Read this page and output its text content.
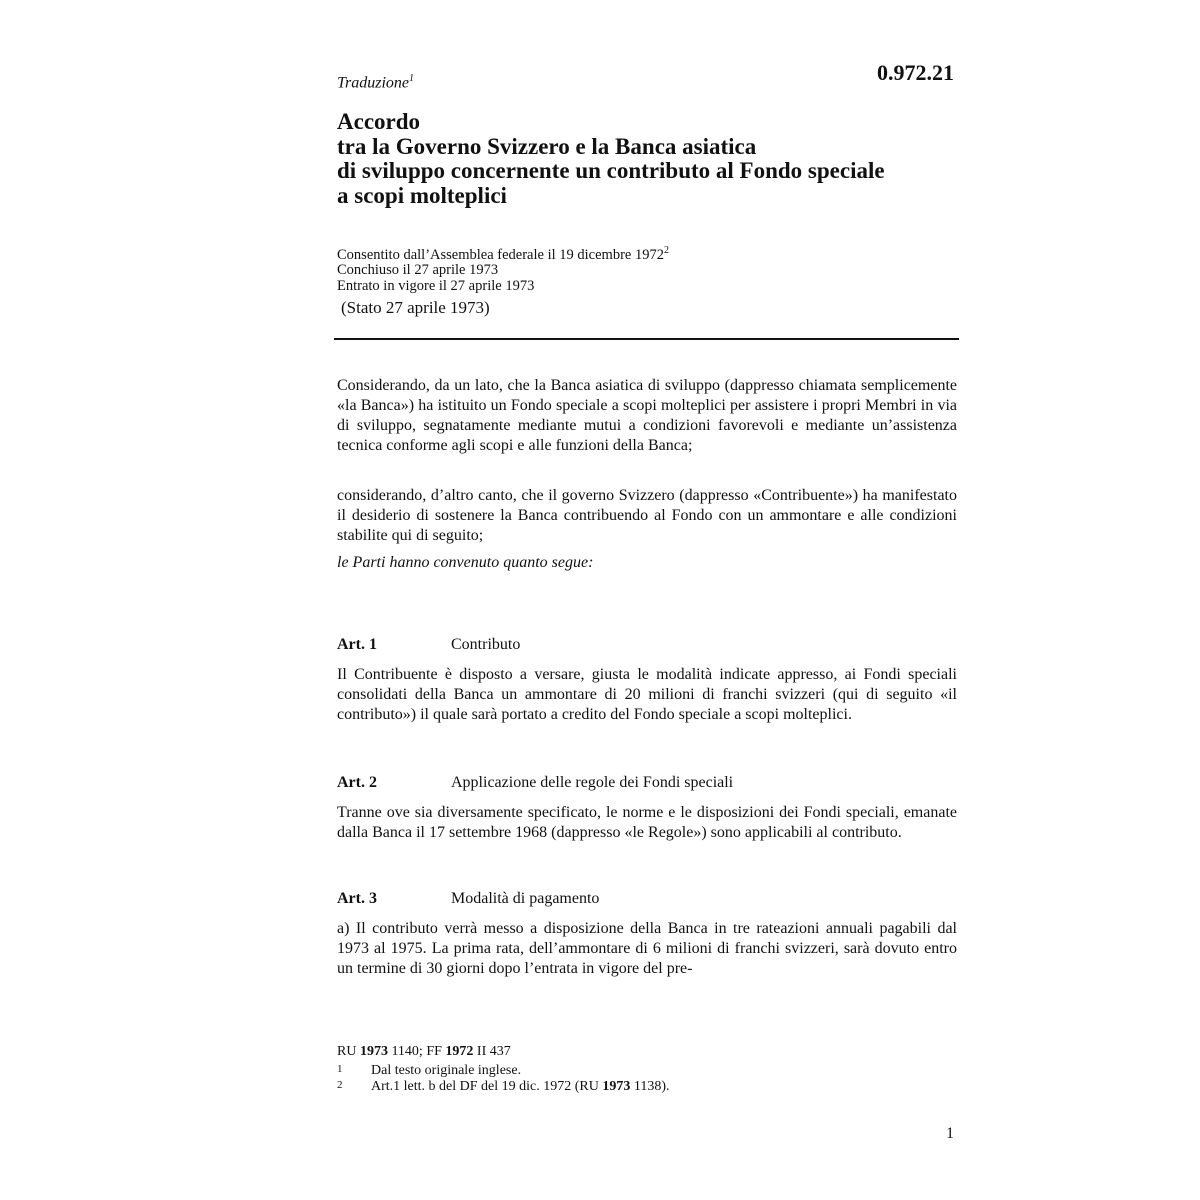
Traduzione$^1$	0.972.21
Accordo
tra la Governo Svizzero e la Banca asiatica
di sviluppo concernente un contributo al Fondo speciale
a scopi molteplici
Consentito dall’Assemblea federale il 19 dicembre 1972$^2$
Conchiuso il 27 aprile 1973
Entrato in vigore il 27 aprile 1973
(Stato 27 aprile 1973)

Considerando, da un lato, che la Banca asiatica di sviluppo (dappresso chiamata semplicemente «la Banca») ha istituito un Fondo speciale a scopi molteplici per assistere i propri Membri in via di sviluppo, segnatamente mediante mutui a condizioni favorevoli e mediante un’assistenza tecnica conforme agli scopi e alle funzioni della Banca;

considerando, d’altro canto, che il governo Svizzero (dappresso «Contribuente») ha manifestato il desiderio di sostenere la Banca contribuendo al Fondo con un ammontare e alle condizioni stabilite qui di seguito;

le Parti hanno convenuto quanto segue:

Art. 1	Contributo

Il Contribuente è disposto a versare, giusta le modalità indicate appresso, ai Fondi speciali consolidati della Banca un ammontare di 20 milioni di franchi svizzeri (qui di seguito «il contributo») il quale sarà portato a credito del Fondo speciale a scopi molteplici.

Art. 2	Applicazione delle regole dei Fondi speciali

Tranne ove sia diversamente specificato, le norme e le disposizioni dei Fondi speciali, emanate dalla Banca il 17 settembre 1968 (dappresso «le Regole») sono applicabili al contributo.

Art. 3	Modalità di pagamento

a) Il contributo verrà messo a disposizione della Banca in tre rateazioni annuali pagabili dal 1973 al 1975. La prima rata, dell’ammontare di 6 milioni di franchi svizzeri, sarà dovuto entro un termine di 30 giorni dopo l’entrata in vigore del pre-

RU 1973 1140; FF 1972 II 437
1 Dal testo originale inglese.
2 Art.1 lett. b del DF del 19 dic. 1972 (RU 1973 1138).
1
